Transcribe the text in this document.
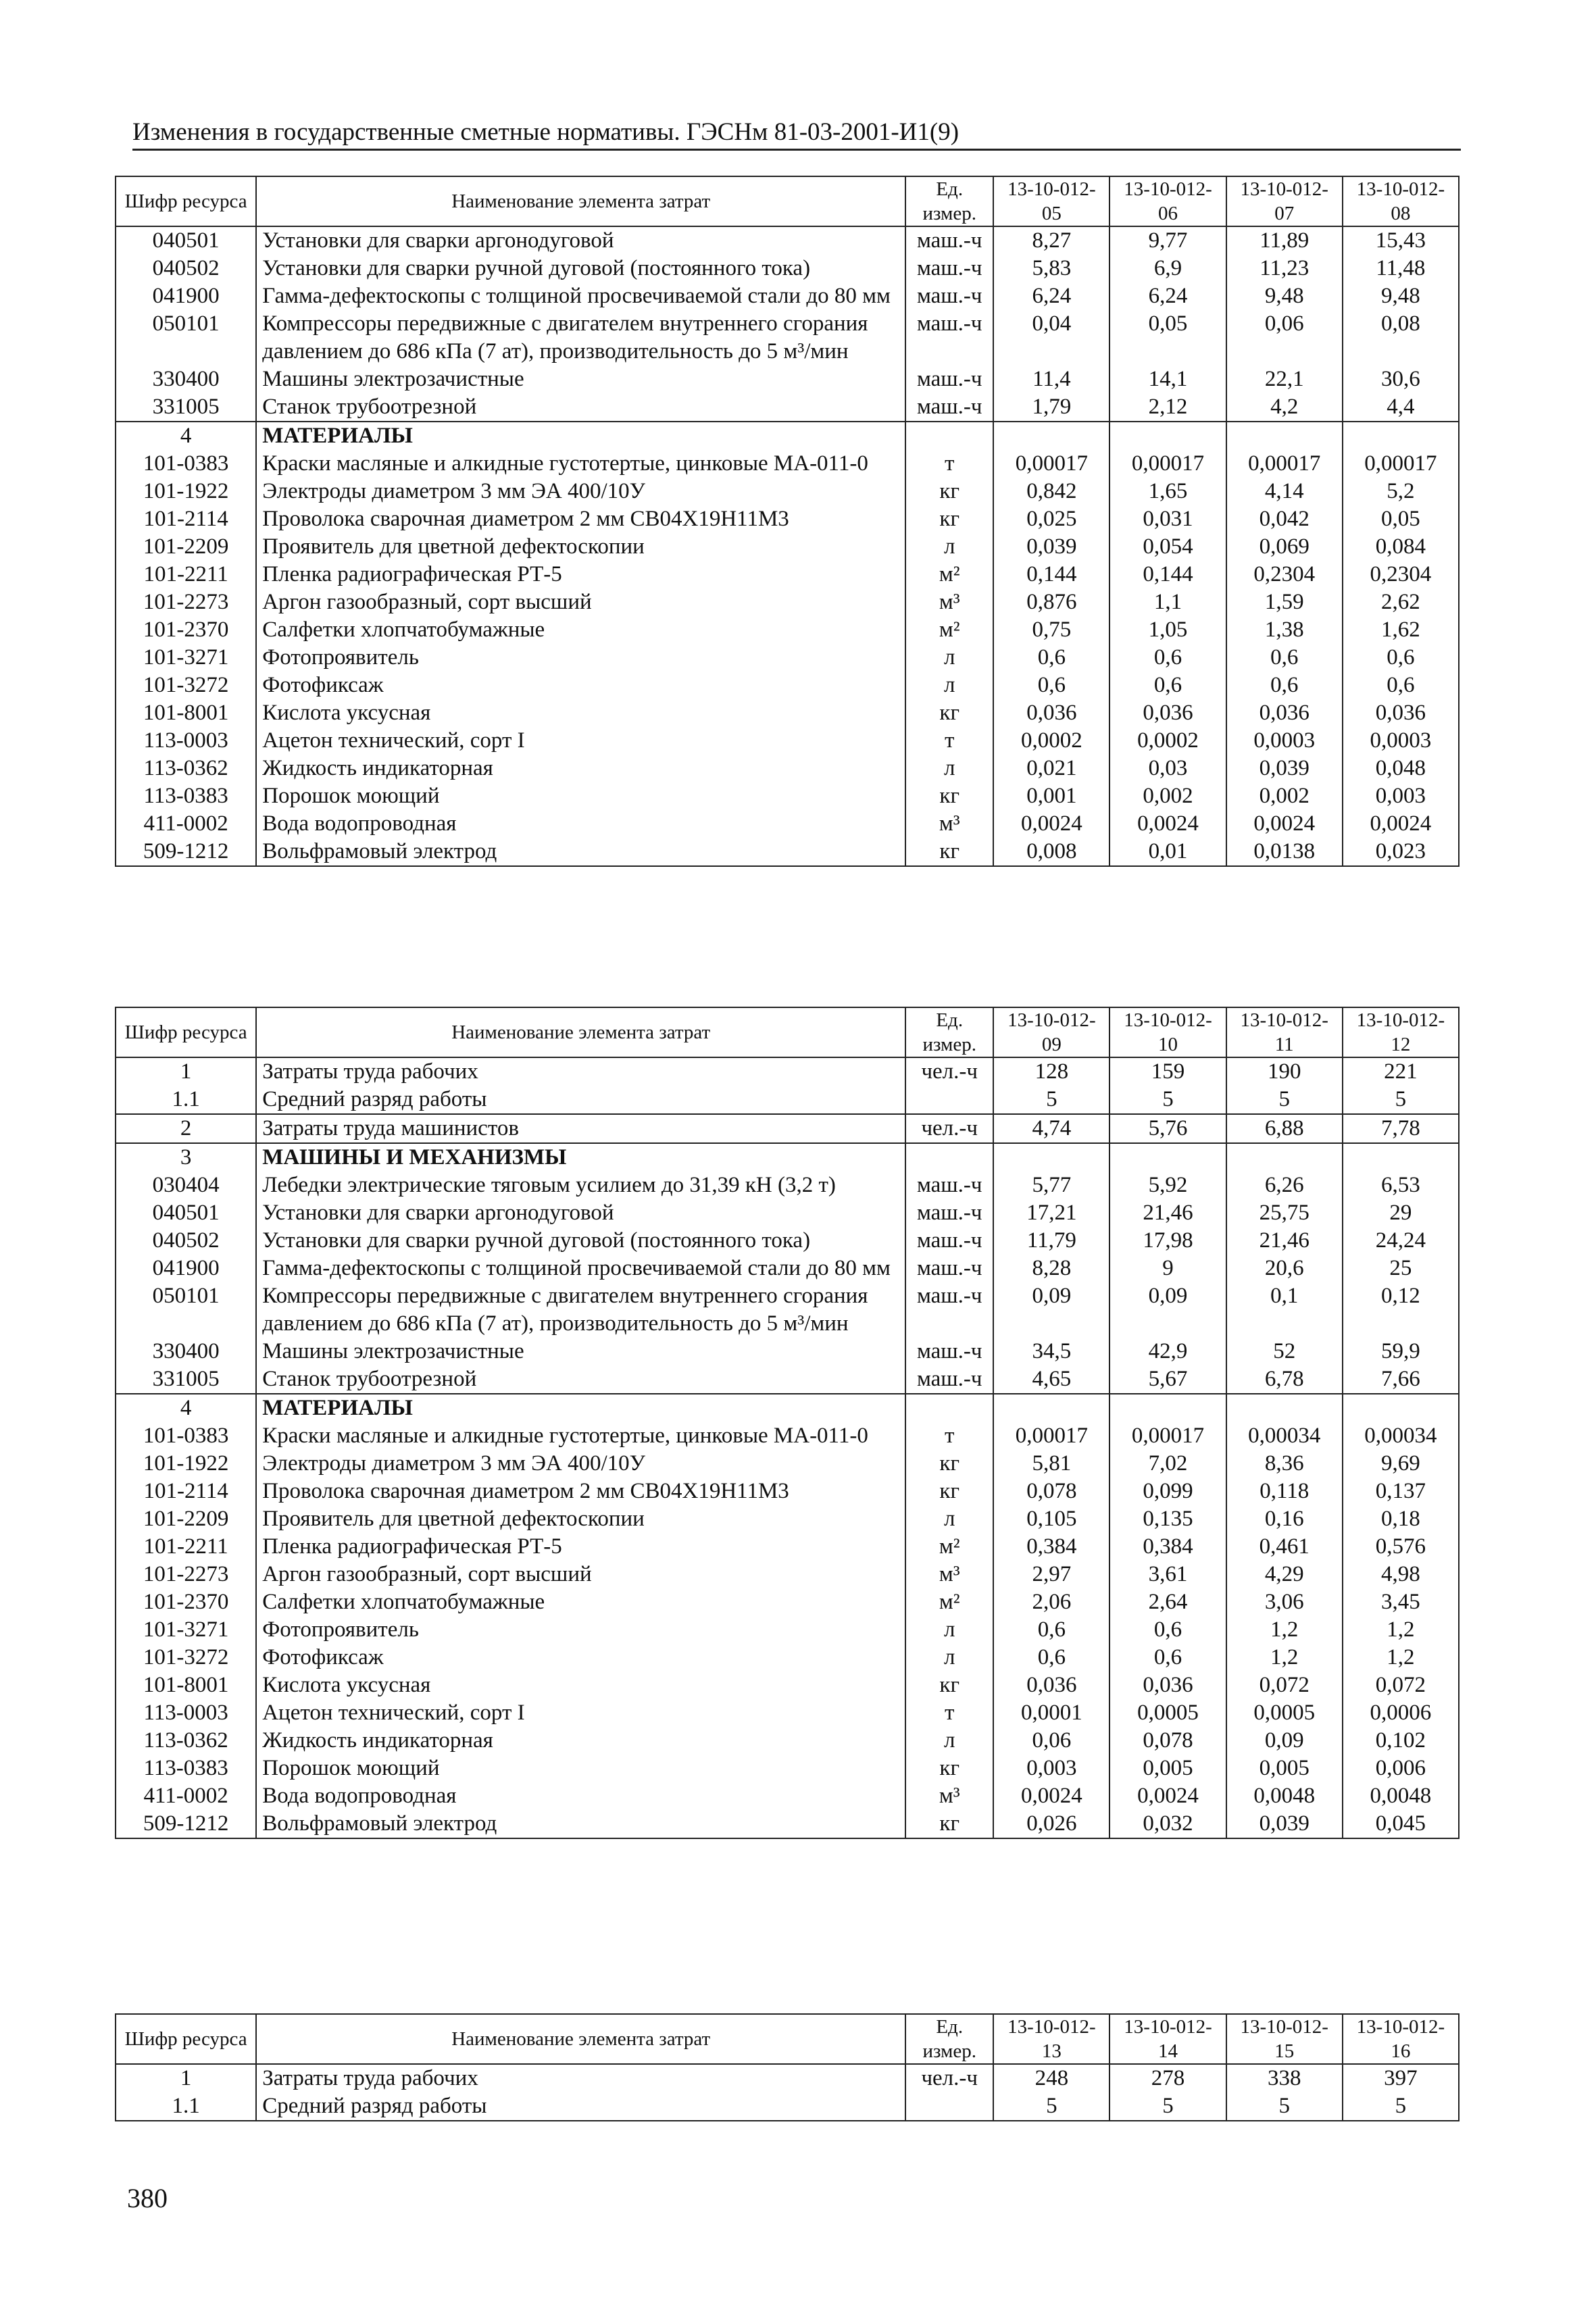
Изменения в государственные сметные нормативы. ГЭСНм 81-03-2001-И1(9)
Шифр ресурса	Наименование элемента затрат	Ед. измер.	13-10-012-05	13-10-012-06	13-10-012-07	13-10-012-08
040501	Установки для сварки аргонодуговой	маш.-ч	8,27	9,77	11,89	15,43
040502	Установки для сварки ручной дуговой (постоянного тока)	маш.-ч	5,83	6,9	11,23	11,48
041900	Гамма-дефектоскопы с толщиной просвечиваемой стали до 80 мм	маш.-ч	6,24	6,24	9,48	9,48
050101	Компрессоры передвижные с двигателем внутреннего сгорания давлением до 686 кПа (7 ат), производительность до 5 м³/мин	маш.-ч	0,04	0,05	0,06	0,08
330400	Машины электрозачистные	маш.-ч	11,4	14,1	22,1	30,6
331005	Станок трубоотрезной	маш.-ч	1,79	2,12	4,2	4,4
4	МАТЕРИАЛЫ					
101-0383	Краски масляные и алкидные густотертые, цинковые МА-011-0	т	0,00017	0,00017	0,00017	0,00017
101-1922	Электроды диаметром 3 мм ЭА 400/10У	кг	0,842	1,65	4,14	5,2
101-2114	Проволока сварочная диаметром 2 мм СВ04Х19Н11М3	кг	0,025	0,031	0,042	0,05
101-2209	Проявитель для цветной дефектоскопии	л	0,039	0,054	0,069	0,084
101-2211	Пленка радиографическая РТ-5	м²	0,144	0,144	0,2304	0,2304
101-2273	Аргон газообразный, сорт высший	м³	0,876	1,1	1,59	2,62
101-2370	Салфетки хлопчатобумажные	м²	0,75	1,05	1,38	1,62
101-3271	Фотопроявитель	л	0,6	0,6	0,6	0,6
101-3272	Фотофиксаж	л	0,6	0,6	0,6	0,6
101-8001	Кислота уксусная	кг	0,036	0,036	0,036	0,036
113-0003	Ацетон технический, сорт I	т	0,0002	0,0002	0,0003	0,0003
113-0362	Жидкость индикаторная	л	0,021	0,03	0,039	0,048
113-0383	Порошок моющий	кг	0,001	0,002	0,002	0,003
411-0002	Вода водопроводная	м³	0,0024	0,0024	0,0024	0,0024
509-1212	Вольфрамовый электрод	кг	0,008	0,01	0,0138	0,023
Шифр ресурса	Наименование элемента затрат	Ед. измер.	13-10-012-09	13-10-012-10	13-10-012-11	13-10-012-12
1	Затраты труда рабочих	чел.-ч	128	159	190	221
1.1	Средний разряд работы		5	5	5	5
2	Затраты труда машинистов	чел.-ч	4,74	5,76	6,88	7,78
3	МАШИНЫ И МЕХАНИЗМЫ					
030404	Лебедки электрические тяговым усилием до 31,39 кН (3,2 т)	маш.-ч	5,77	5,92	6,26	6,53
040501	Установки для сварки аргонодуговой	маш.-ч	17,21	21,46	25,75	29
040502	Установки для сварки ручной дуговой (постоянного тока)	маш.-ч	11,79	17,98	21,46	24,24
041900	Гамма-дефектоскопы с толщиной просвечиваемой стали до 80 мм	маш.-ч	8,28	9	20,6	25
050101	Компрессоры передвижные с двигателем внутреннего сгорания давлением до 686 кПа (7 ат), производительность до 5 м³/мин	маш.-ч	0,09	0,09	0,1	0,12
330400	Машины электрозачистные	маш.-ч	34,5	42,9	52	59,9
331005	Станок трубоотрезной	маш.-ч	4,65	5,67	6,78	7,66
4	МАТЕРИАЛЫ					
101-0383	Краски масляные и алкидные густотертые, цинковые МА-011-0	т	0,00017	0,00017	0,00034	0,00034
101-1922	Электроды диаметром 3 мм ЭА 400/10У	кг	5,81	7,02	8,36	9,69
101-2114	Проволока сварочная диаметром 2 мм СВ04Х19Н11М3	кг	0,078	0,099	0,118	0,137
101-2209	Проявитель для цветной дефектоскопии	л	0,105	0,135	0,16	0,18
101-2211	Пленка радиографическая РТ-5	м²	0,384	0,384	0,461	0,576
101-2273	Аргон газообразный, сорт высший	м³	2,97	3,61	4,29	4,98
101-2370	Салфетки хлопчатобумажные	м²	2,06	2,64	3,06	3,45
101-3271	Фотопроявитель	л	0,6	0,6	1,2	1,2
101-3272	Фотофиксаж	л	0,6	0,6	1,2	1,2
101-8001	Кислота уксусная	кг	0,036	0,036	0,072	0,072
113-0003	Ацетон технический, сорт I	т	0,0001	0,0005	0,0005	0,0006
113-0362	Жидкость индикаторная	л	0,06	0,078	0,09	0,102
113-0383	Порошок моющий	кг	0,003	0,005	0,005	0,006
411-0002	Вода водопроводная	м³	0,0024	0,0024	0,0048	0,0048
509-1212	Вольфрамовый электрод	кг	0,026	0,032	0,039	0,045
Шифр ресурса	Наименование элемента затрат	Ед. измер.	13-10-012-13	13-10-012-14	13-10-012-15	13-10-012-16
1	Затраты труда рабочих	чел.-ч	248	278	338	397
1.1	Средний разряд работы		5	5	5	5
380
